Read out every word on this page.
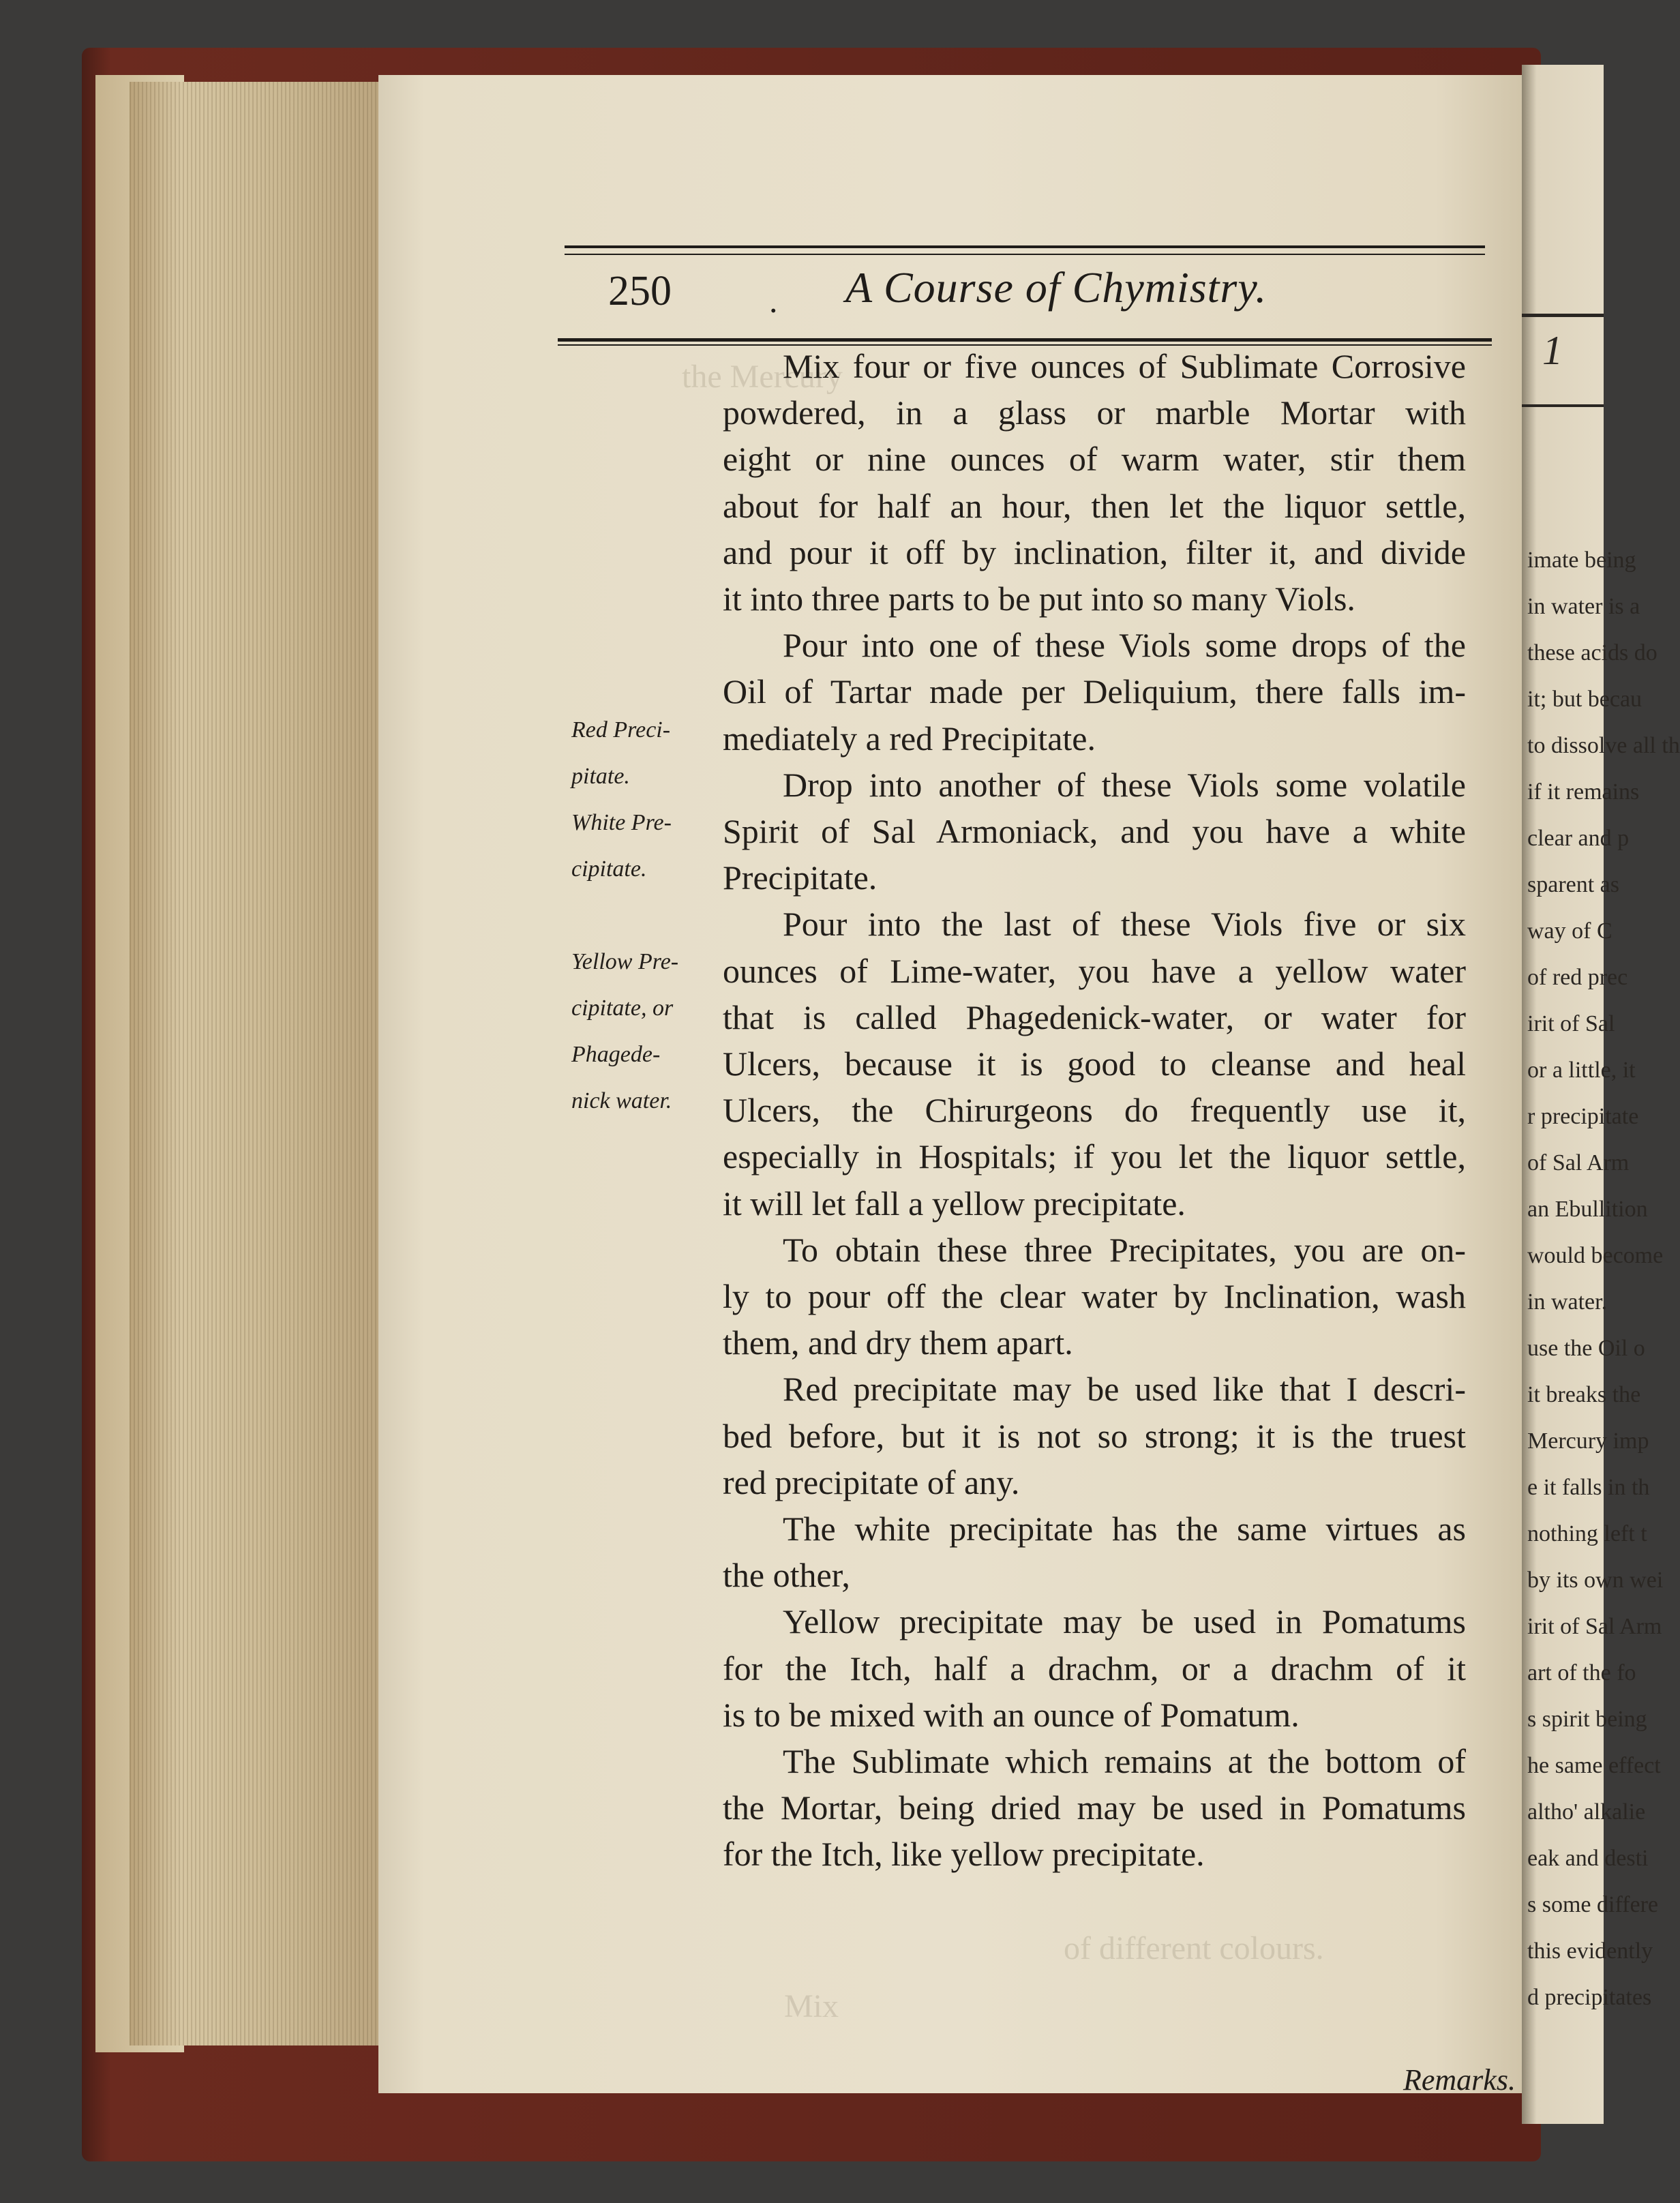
1
imate being
in water is a
these acids do
it; but becau
to dissolve all th
if it remains
clear and p
sparent as
way of C
of red prec
irit of Sal
or a little, it
r precipitate
of Sal Arm
an Ebullition
would become
in water.
use the Oil o
it breaks the
Mercury imp
e it falls in th
nothing left t
by its own wei
irit of Sal Arm
art of the fo
s spirit being
he same effect
altho' alkalie
eak and desti
s some differe
this evidently
d precipitates
the Mercury
of different colours.
Mix
250	. A Course of Chymistry.
Mix four or five ounces of Sublimate Corrosive
powdered, in a glass or marble Mortar with
eight or nine ounces of warm water, stir them
about for half an hour, then let the liquor settle,
and pour it off by inclination, filter it, and divide
it into three parts to be put into so many Viols.
Pour into one of these Viols some drops of the
Oil of Tartar made per Deliquium, there falls im-
mediately a red Precipitate.
Drop into another of these Viols some volatile
Spirit of Sal Armoniack, and you have a white
Precipitate.
Pour into the last of these Viols five or six
ounces of Lime-water, you have a yellow water
that is called Phagedenick-water, or water for
Ulcers, because it is good to cleanse and heal
Ulcers, the Chirurgeons do frequently use it,
especially in Hospitals; if you let the liquor settle,
it will let fall a yellow precipitate.
To obtain these three Precipitates, you are on-
ly to pour off the clear water by Inclination, wash
them, and dry them apart.
Red precipitate may be used like that I descri-
bed before, but it is not so strong; it is the truest
red precipitate of any.
The white precipitate has the same virtues as
the other,
Yellow precipitate may be used in Pomatums
for the Itch, half a drachm, or a drachm of it
is to be mixed with an ounce of Pomatum.
The Sublimate which remains at the bottom of
the Mortar, being dried may be used in Pomatums
for the Itch, like yellow precipitate.
Red Preci-
pitate.
White Pre-
cipitate.
Yellow Pre-
cipitate, or
Phagede-
nick water.
Remarks.
